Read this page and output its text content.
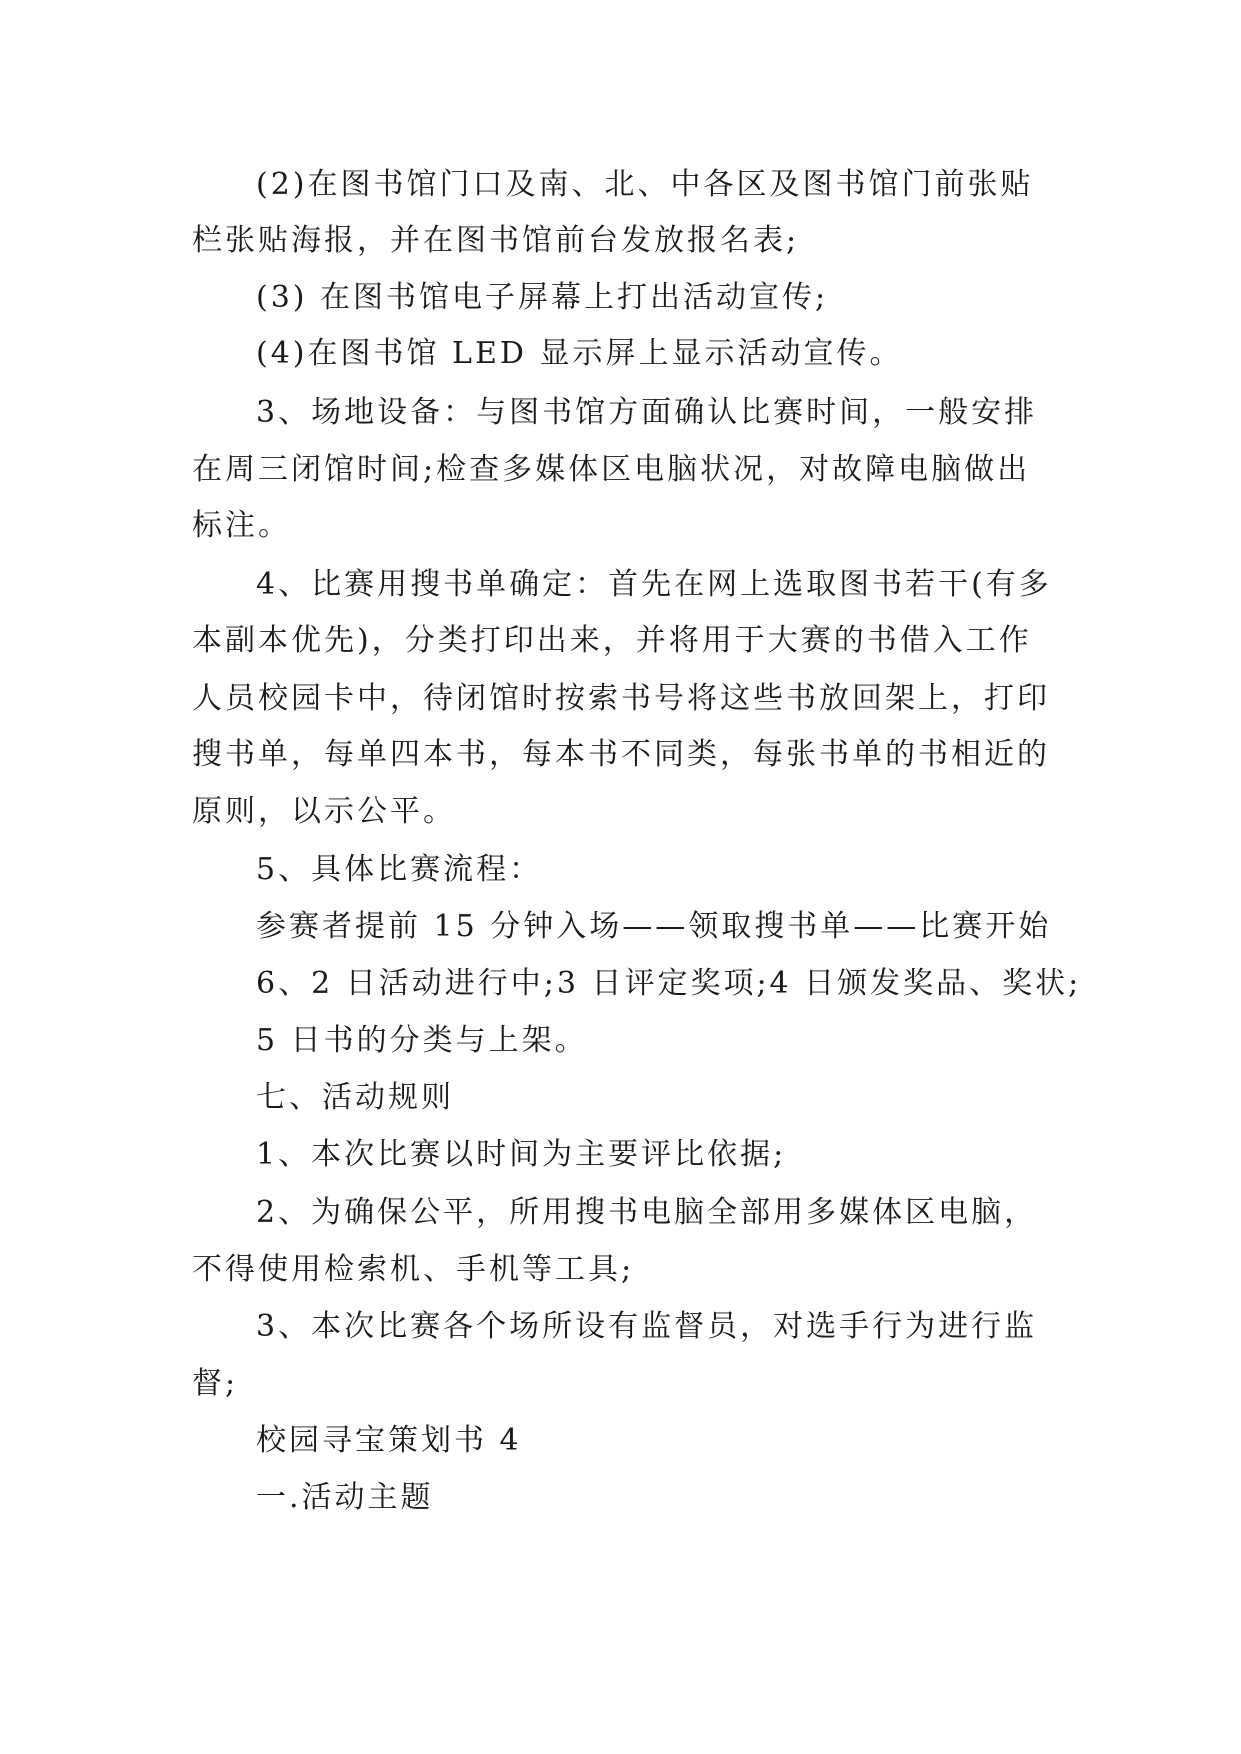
(2)在图书馆门口及南、北、中各区及图书馆门前张贴
栏张贴海报，并在图书馆前台发放报名表;
(3) 在图书馆电子屏幕上打出活动宣传;
(4)在图书馆 LED 显示屏上显示活动宣传。
3、场地设备：与图书馆方面确认比赛时间，一般安排
在周三闭馆时间;检查多媒体区电脑状况，对故障电脑做出
标注。
4、比赛用搜书单确定：首先在网上选取图书若干(有多
本副本优先)，分类打印出来，并将用于大赛的书借入工作
人员校园卡中，待闭馆时按索书号将这些书放回架上，打印
搜书单，每单四本书，每本书不同类，每张书单的书相近的
原则，以示公平。
5、具体比赛流程：
参赛者提前 15 分钟入场——领取搜书单——比赛开始
6、2 日活动进行中;3 日评定奖项;4 日颁发奖品、奖状;
5 日书的分类与上架。
七、活动规则
1、本次比赛以时间为主要评比依据;
2、为确保公平，所用搜书电脑全部用多媒体区电脑，
不得使用检索机、手机等工具;
3、本次比赛各个场所设有监督员，对选手行为进行监
督;
校园寻宝策划书 4
一.活动主题
